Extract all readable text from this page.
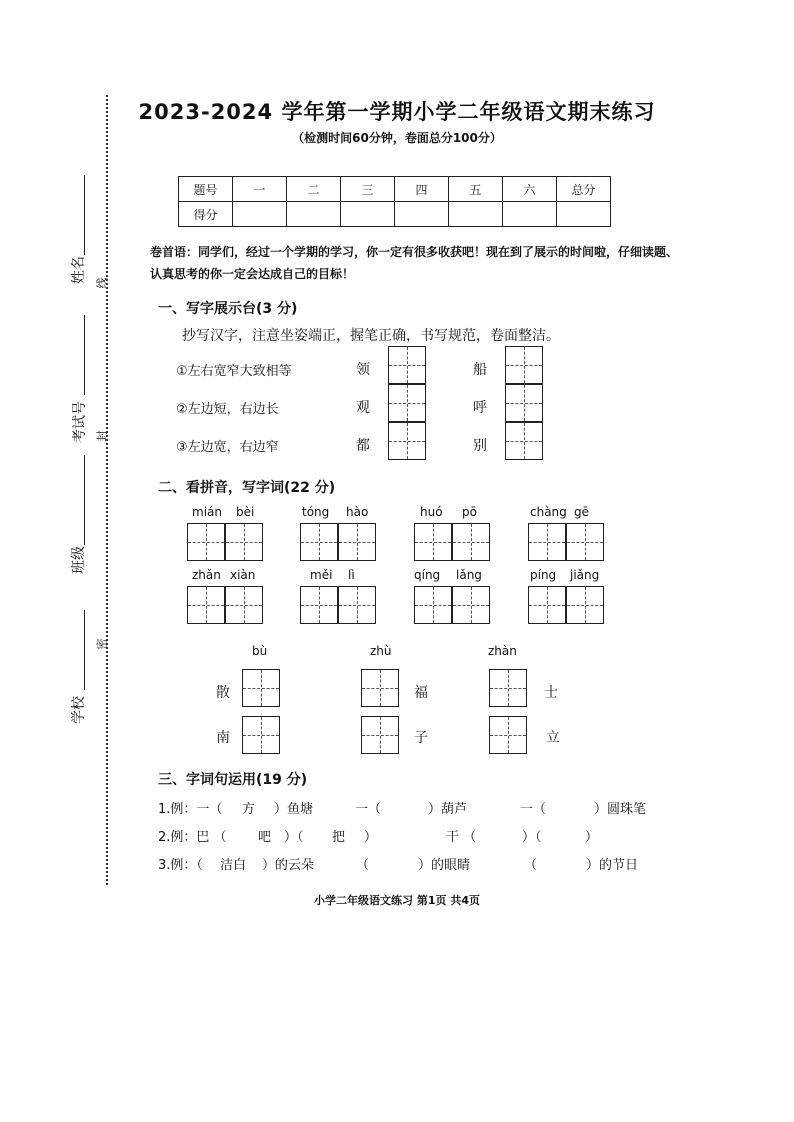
姓名
考试号
班级
学校
线
封
密
2023-2024 学年第一学期小学二年级语文期末练习
（检测时间60分钟，卷面总分100分）
题号	一	二	三	四	五	六	总分
得分							
卷首语：同学们，经过一个学期的学习，你一定有很多收获吧！现在到了展示的时间啦，仔细读题、认真思考的你一定会达成自己的目标！
一、写字展示台(3 分)
抄写汉字，注意坐姿端正，握笔正确，书写规范，卷面整洁。
①左右宽窄大致相等	领	船
②左边短，右边长	观	呼
③左边宽，右边窄	都	别
二、看拼音，写字词(22 分)
mián bèi	tóng hào	huó pō	chàng gē
zhǎn xiàn	měi lì	qíng lǎng	píng jiǎng
bù	zhù	zhàn
散	福	士
南	子	立
三、字词句运用(19 分)
1.例：一（ 方 ）鱼塘	一（	）葫芦	一（	）圆珠笔
2.例：巴 （ 吧 ）（ 把 ）	干 （	）（	）
3.例：（ 洁白 ）的云朵	（	）的眼睛	（	）的节日
小学二年级语文练习 第1页 共4页
